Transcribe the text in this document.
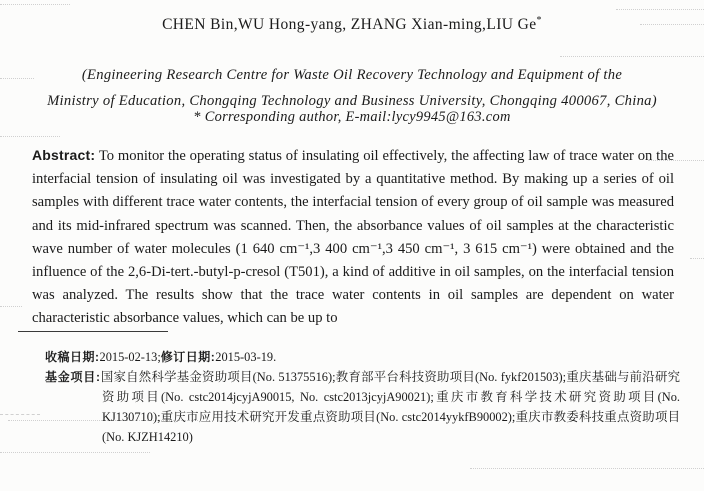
CHEN Bin,WU Hong-yang, ZHANG Xian-ming,LIU Ge*
(Engineering Research Centre for Waste Oil Recovery Technology and Equipment of the
Ministry of Education, Chongqing Technology and Business University, Chongqing 400067, China)
* Corresponding author, E-mail:lycy9945@163.com
Abstract: To monitor the operating status of insulating oil effectively, the affecting law of trace water on the interfacial tension of insulating oil was investigated by a quantitative method. By making up a series of oil samples with different trace water contents, the interfacial tension of every group of oil sample was measured and its mid-infrared spectrum was scanned. Then, the absorbance values of oil samples at the characteristic wave number of water molecules (1 640 cm⁻¹,3 400 cm⁻¹,3 450 cm⁻¹, 3 615 cm⁻¹) were obtained and the influence of the 2,6-Di-tert.-butyl-p-cresol (T501), a kind of additive in oil samples, on the interfacial tension was analyzed. The results show that the trace water contents in oil samples are dependent on water characteristic absorbance values, which can be up to

收稿日期:2015-02-13;修订日期:2015-03-19.

基金项目:国家自然科学基金资助项目(No. 51375516);教育部平台科技资助项目(No. fykf201503);重庆基础与前沿研究资助项目(No. cstc2014jcyjA90015, No. cstc2013jcyjA90021);重庆市教育科学技术研究资助项目(No. KJ130710);重庆市应用技术研究开发重点资助项目(No. cstc2014yykfB90002);重庆市教委科技重点资助项目(No. KJZH14210)
